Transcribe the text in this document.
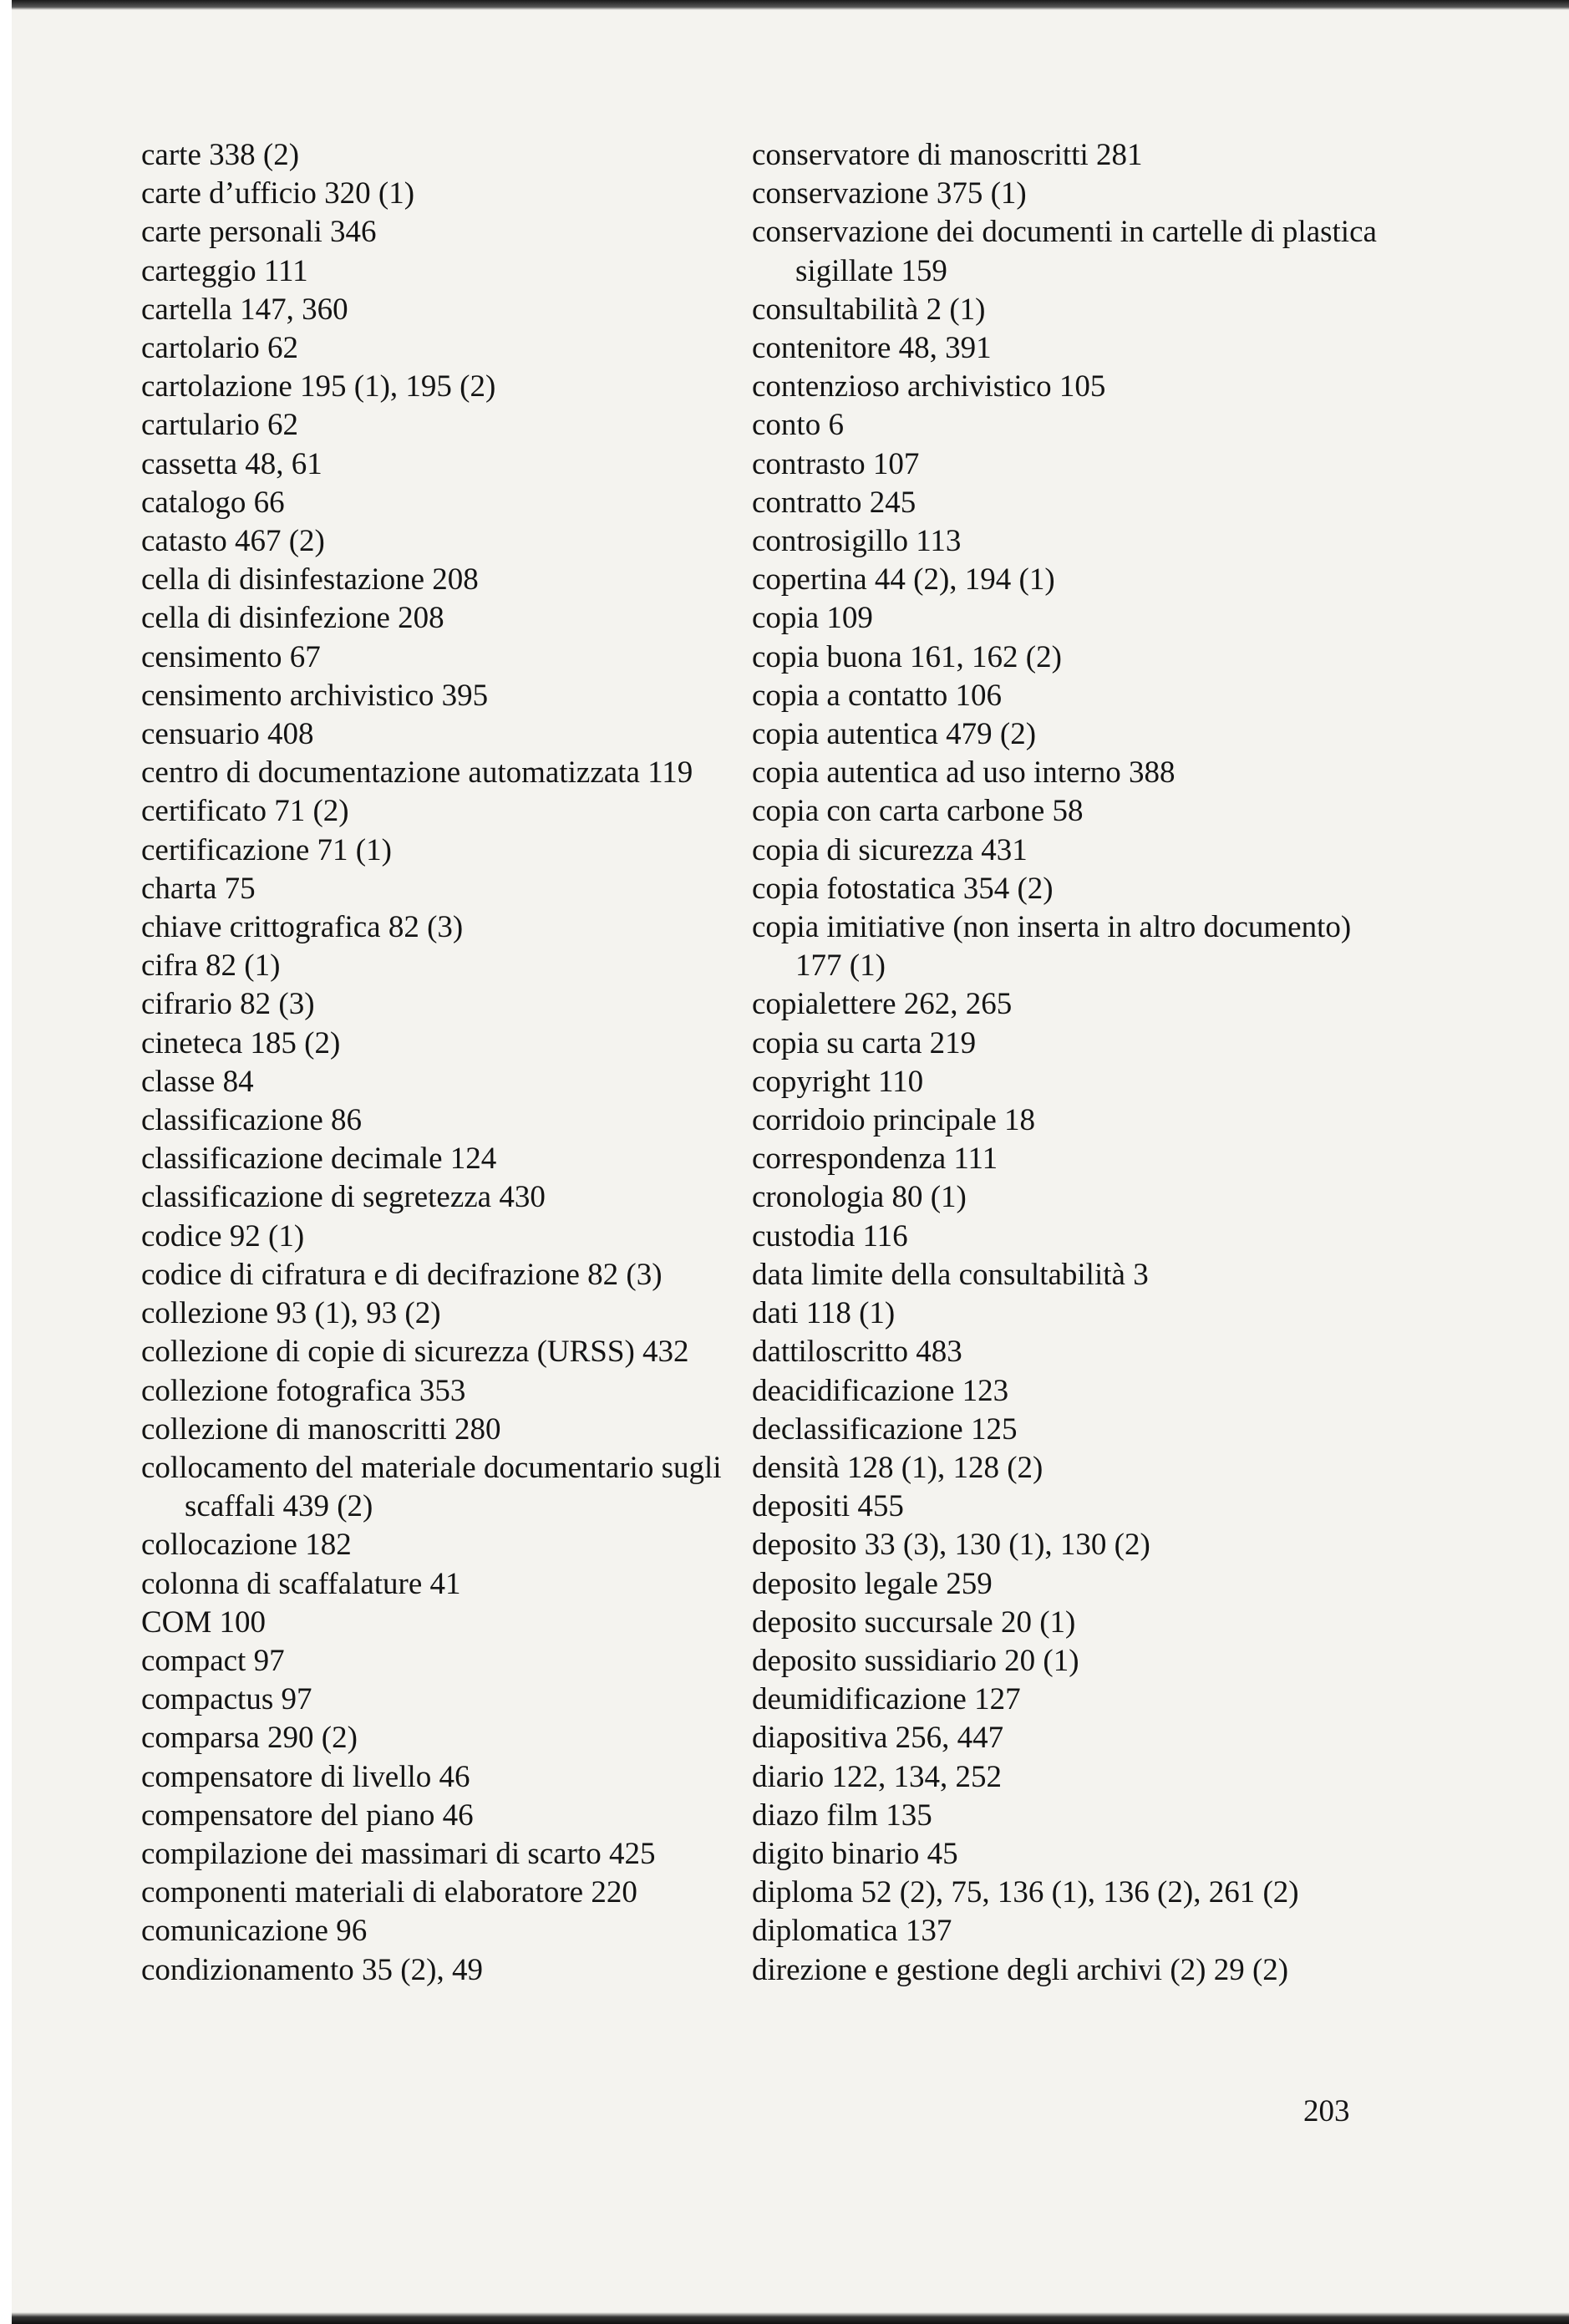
carte 338 (2)
carte d’ufficio 320 (1)
carte personali 346
carteggio 111
cartella 147, 360
cartolario 62
cartolazione 195 (1), 195 (2)
cartulario 62
cassetta 48, 61
catalogo 66
catasto 467 (2)
cella di disinfestazione 208
cella di disinfezione 208
censimento 67
censimento archivistico 395
censuario 408
centro di documentazione automatizzata 119
certificato 71 (2)
certificazione 71 (1)
charta 75
chiave crittografica 82 (3)
cifra 82 (1)
cifrario 82 (3)
cineteca 185 (2)
classe 84
classificazione 86
classificazione decimale 124
classificazione di segretezza 430
codice 92 (1)
codice di cifratura e di decifrazione 82 (3)
collezione 93 (1), 93 (2)
collezione di copie di sicurezza (URSS) 432
collezione fotografica 353
collezione di manoscritti 280
collocamento del materiale documentario sugli scaffali 439 (2)
collocazione 182
colonna di scaffalature 41
COM 100
compact 97
compactus 97
comparsa 290 (2)
compensatore di livello 46
compensatore del piano 46
compilazione dei massimari di scarto 425
componenti materiali di elaboratore 220
comunicazione 96
condizionamento 35 (2), 49
conservatore di manoscritti 281
conservazione 375 (1)
conservazione dei documenti in cartelle di plastica sigillate 159
consultabilità 2 (1)
contenitore 48, 391
contenzioso archivistico 105
conto 6
contrasto 107
contratto 245
controsigillo 113
copertina 44 (2), 194 (1)
copia 109
copia buona 161, 162 (2)
copia a contatto 106
copia autentica 479 (2)
copia autentica ad uso interno 388
copia con carta carbone 58
copia di sicurezza 431
copia fotostatica 354 (2)
copia imitiative (non inserta in altro documento) 177 (1)
copialettere 262, 265
copia su carta 219
copyright 110
corridoio principale 18
correspondenza 111
cronologia 80 (1)
custodia 116
data limite della consultabilità 3
dati 118 (1)
dattiloscritto 483
deacidificazione 123
declassificazione 125
densità 128 (1), 128 (2)
depositi 455
deposito 33 (3), 130 (1), 130 (2)
deposito legale 259
deposito succursale 20 (1)
deposito sussidiario 20 (1)
deumidificazione 127
diapositiva 256, 447
diario 122, 134, 252
diazo film 135
digito binario 45
diploma 52 (2), 75, 136 (1), 136 (2), 261 (2)
diplomatica 137
direzione e gestione degli archivi (2) 29 (2)
203
